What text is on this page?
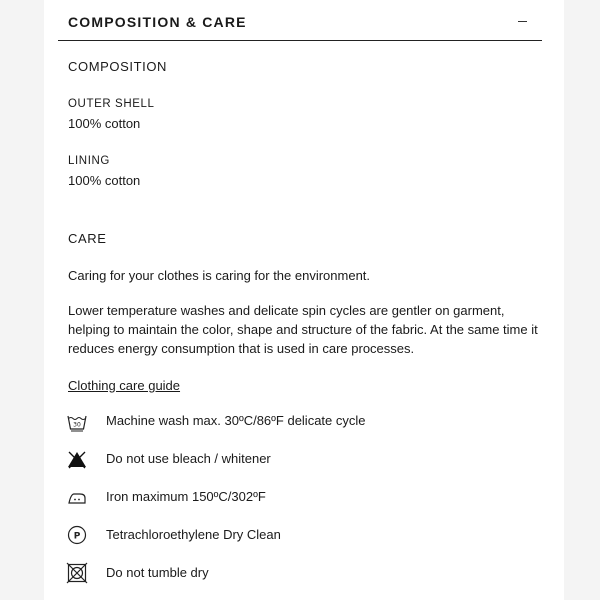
COMPOSITION & CARE
COMPOSITION
OUTER SHELL
100% cotton
LINING
100% cotton
CARE
Caring for your clothes is caring for the environment.
Lower temperature washes and delicate spin cycles are gentler on garment, helping to maintain the color, shape and structure of the fabric. At the same time it reduces energy consumption that is used in care processes.
Clothing care guide
30 Machine wash max. 30ºC/86ºF delicate cycle
Do not use bleach / whitener
Iron maximum 150ºC/302ºF
P Tetrachloroethylene Dry Clean
Do not tumble dry
